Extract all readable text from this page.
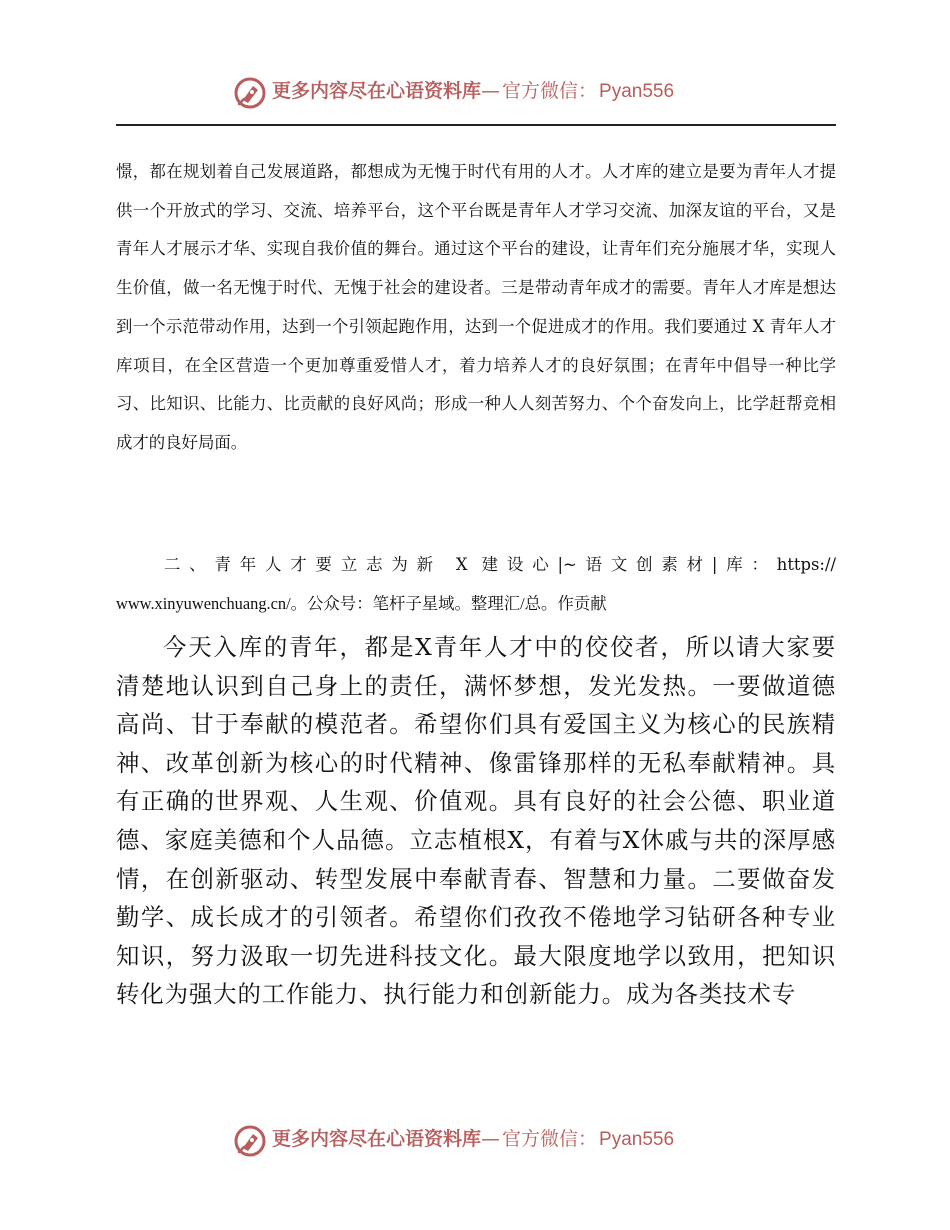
更多内容尽在心语资料库— 官方微信： Pyan556
憬，都在规划着自己发展道路，都想成为无愧于时代有用的人才。人才库的建立是要为青年人才提供一个开放式的学习、交流、培养平台，这个平台既是青年人才学习交流、加深友谊的平台，又是青年人才展示才华、实现自我价值的舞台。通过这个平台的建设，让青年们充分施展才华，实现人生价值，做一名无愧于时代、无愧于社会的建设者。三是带动青年成才的需要。青年人才库是想达到一个示范带动作用，达到一个引领起跑作用，达到一个促进成才的作用。我们要通过 X 青年人才库项目，在全区营造一个更加尊重爱惜人才，着力培养人才的良好氛围；在青年中倡导一种比学习、比知识、比能力、比贡献的良好风尚；形成一种人人刻苦努力、个个奋发向上，比学赶帮竞相成才的良好局面。
二、青年人才要立志为新 X 建设心|~语文创素材|库：https://
www.xinyuwenchuang.cn/。公众号：笔杆子星域。整理汇/总。作贡献
今天入库的青年，都是X青年人才中的佼佼者，所以请大家要清楚地认识到自己身上的责任，满怀梦想，发光发热。一要做道德高尚、甘于奉献的模范者。希望你们具有爱国主义为核心的民族精神、改革创新为核心的时代精神、像雷锋那样的无私奉献精神。具有正确的世界观、人生观、价值观。具有良好的社会公德、职业道德、家庭美德和个人品德。立志植根X，有着与X休戚与共的深厚感情，在创新驱动、转型发展中奉献青春、智慧和力量。二要做奋发勤学、成长成才的引领者。希望你们孜孜不倦地学习钻研各种专业知识，努力汲取一切先进科技文化。最大限度地学以致用，把知识转化为强大的工作能力、执行能力和创新能力。成为各类技术专
更多内容尽在心语资料库— 官方微信： Pyan556
